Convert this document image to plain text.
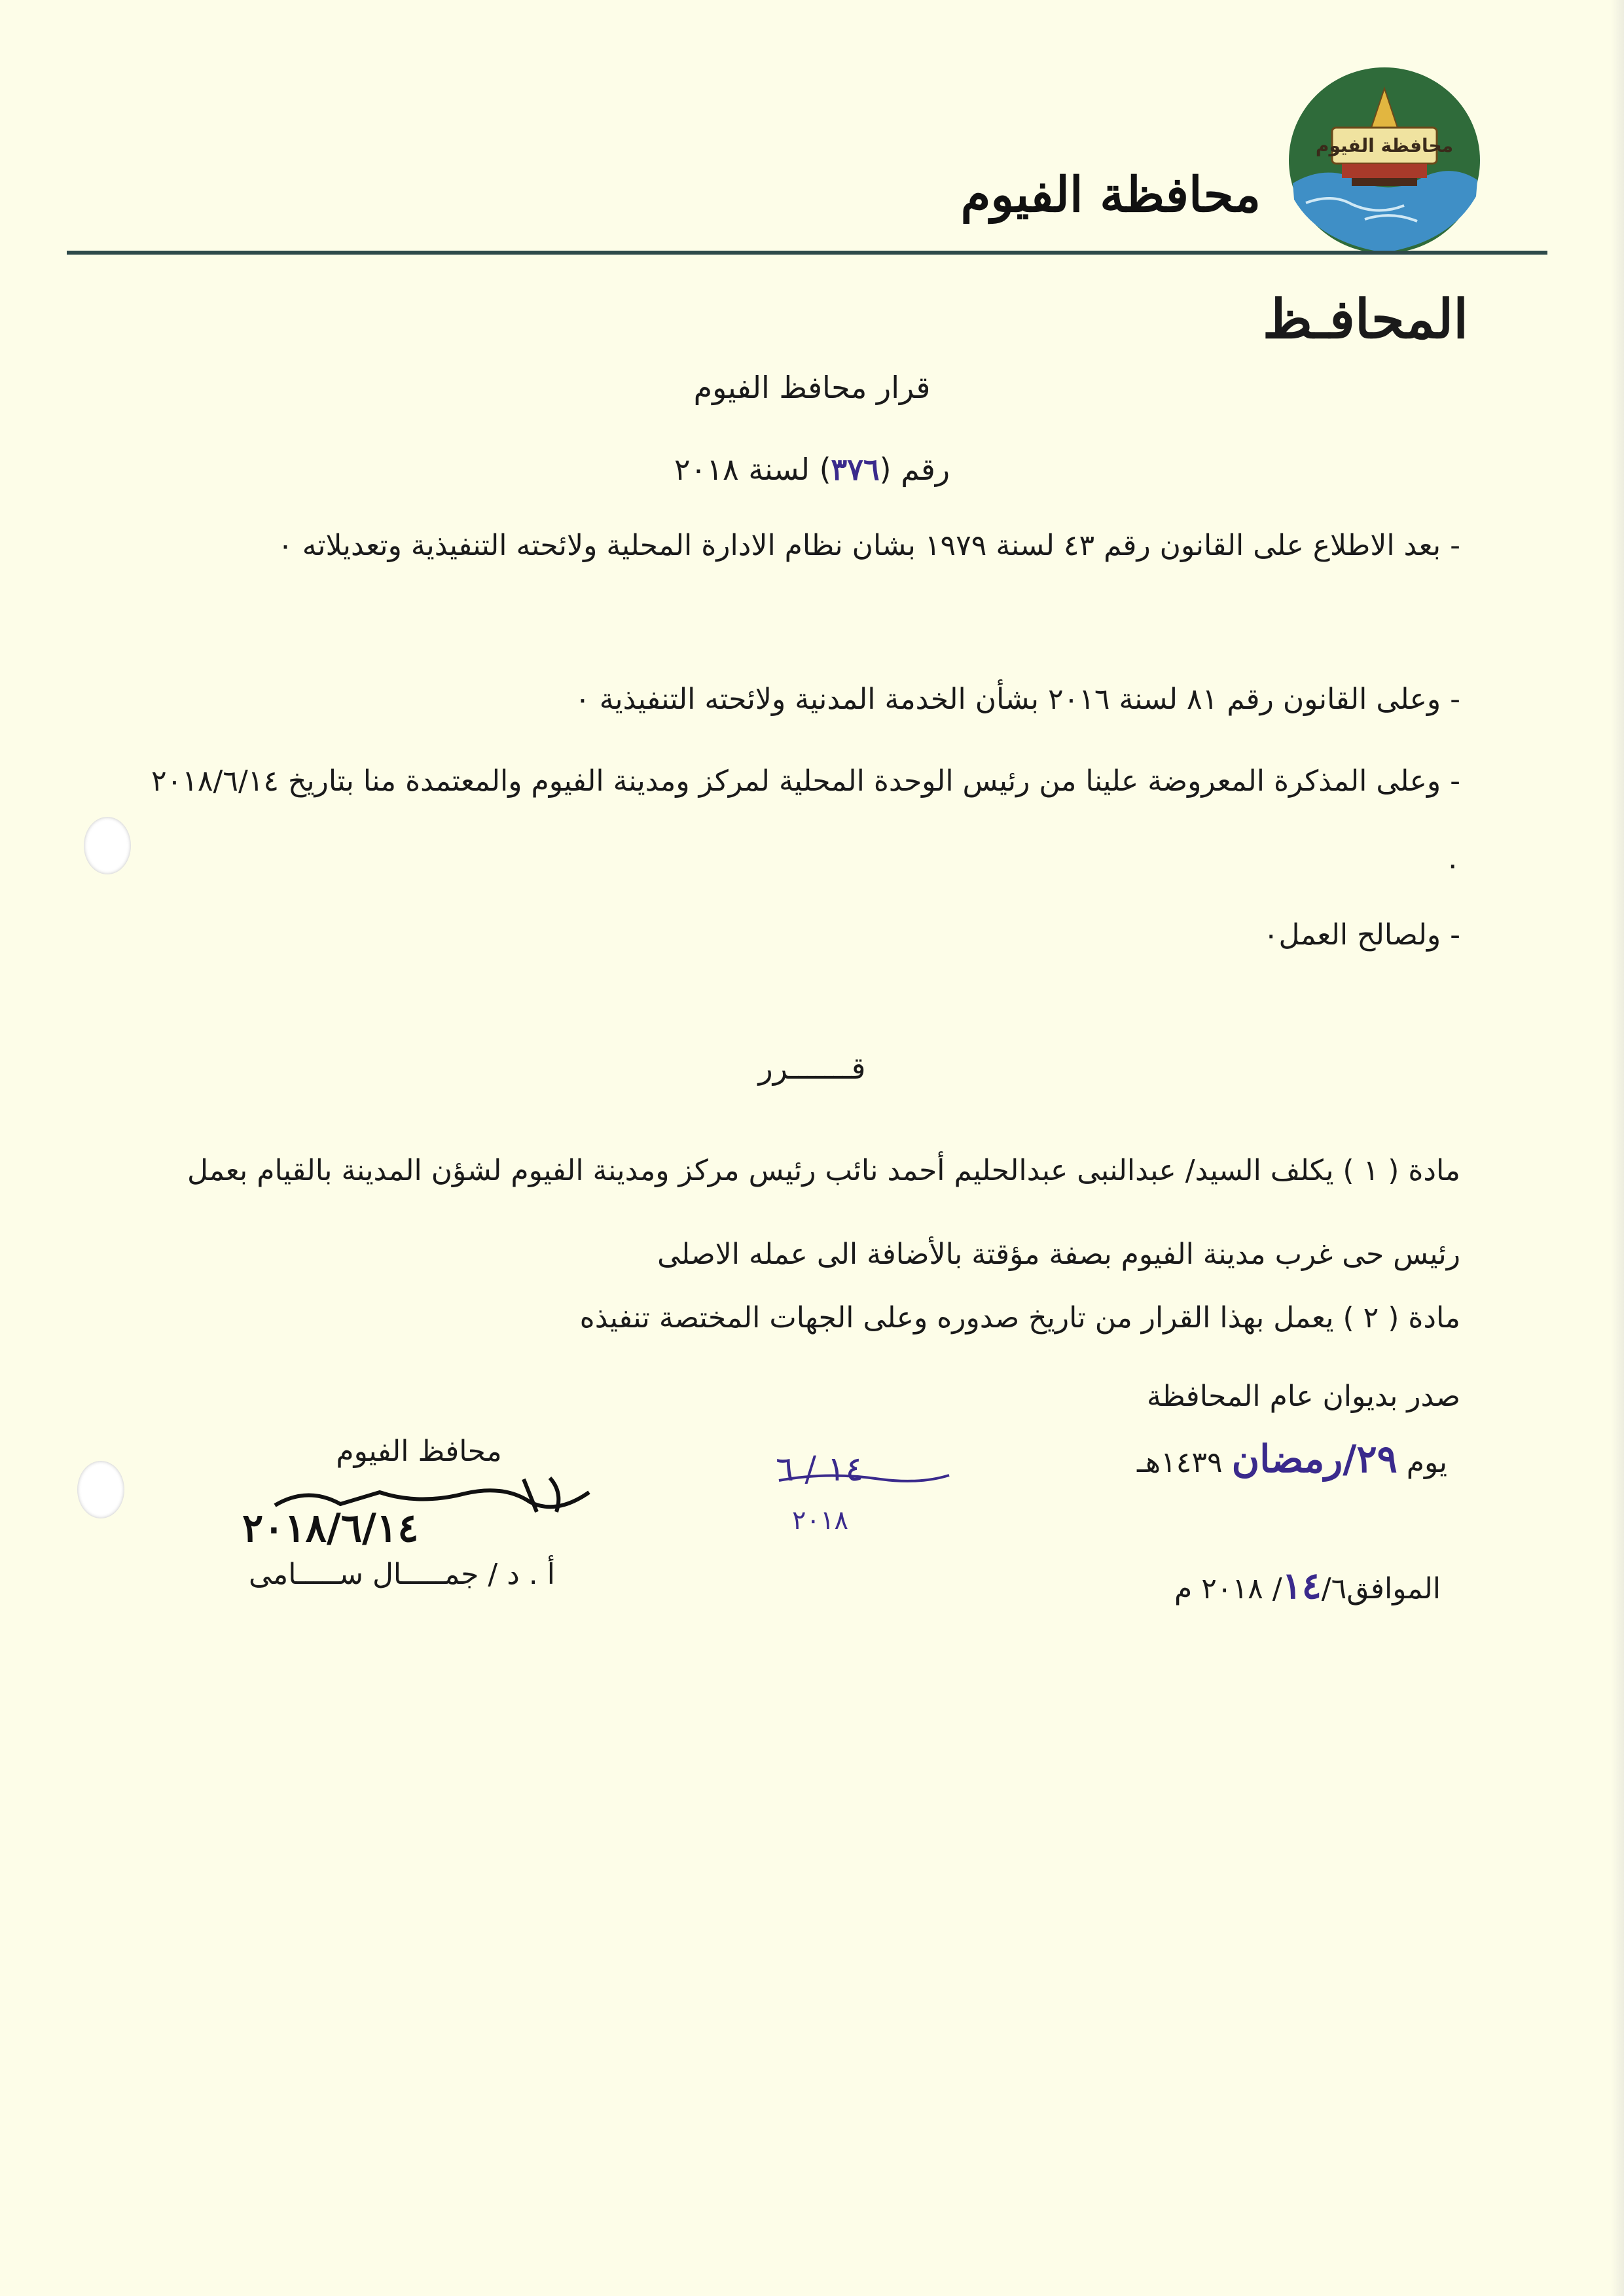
محافظة الفيوم
محافظة الفيوم
المحافـظ
قرار محافظ الفيوم
رقم (٣٧٦) لسنة ٢٠١٨
- بعد الاطلاع على القانون رقم ٤٣ لسنة ١٩٧٩ بشان نظام الادارة المحلية ولائحته التنفيذية وتعديلاته ٠
- وعلى القانون رقم ٨١ لسنة ٢٠١٦ بشأن الخدمة المدنية ولائحته التنفيذية ٠
- وعلى المذكرة المعروضة علينا من رئيس الوحدة المحلية لمركز ومدينة الفيوم والمعتمدة منا بتاريخ ٢٠١٨/٦/١٤ ٠
- ولصالح العمل٠
قـــــــرر
مادة ( ١ ) يكلف السيد/ عبدالنبى عبدالحليم أحمد نائب رئيس مركز ومدينة الفيوم لشؤن المدينة بالقيام بعمل رئيس حى غرب مدينة الفيوم بصفة مؤقتة بالأضافة الى عمله الاصلى
مادة ( ٢ ) يعمل بهذا القرار من تاريخ صدوره وعلى الجهات المختصة تنفيذه
صدر بديوان عام المحافظة
يوم ٢٩/رمضان ١٤٣٩هـ
الموافق١٤/٦/ ٢٠١٨ م
١٤ / ٦
٢٠١٨
محافظ الفيوم
٢٠١٨/٦/١٤
أ . د / جمـــــال ســـــامى
